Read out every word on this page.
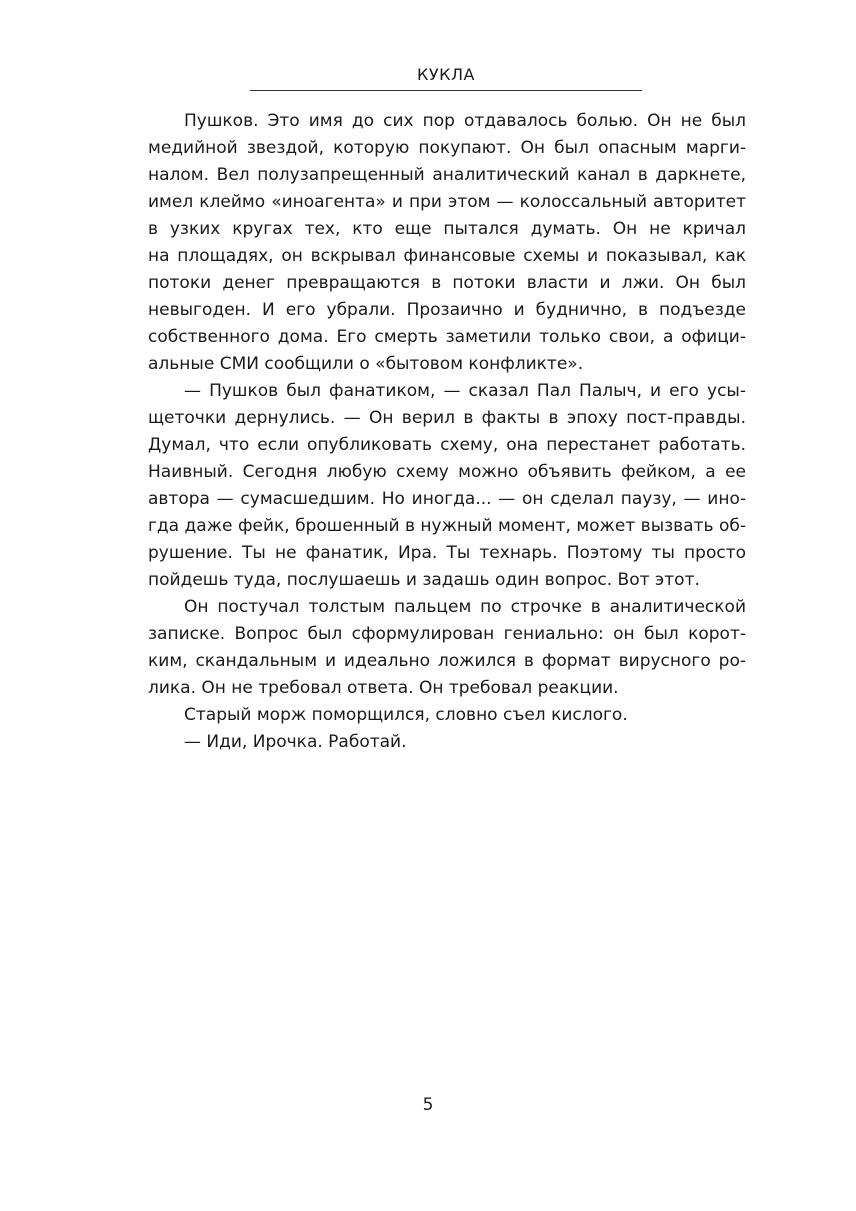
КУКЛА
Пушков. Это имя до сих пор отдавалось болью. Он не был
медийной звездой, которую покупают. Он был опасным марги-
налом. Вел полузапрещенный аналитический канал в даркнете,
имел клеймо «иноагента» и при этом — колоссальный авторитет
в узких кругах тех, кто еще пытался думать. Он не кричал
на площадях, он вскрывал финансовые схемы и показывал, как
потоки денег превращаются в потоки власти и лжи. Он был
невыгоден. И его убрали. Прозаично и буднично, в подъезде
собственного дома. Его смерть заметили только свои, а офици-
альные СМИ сообщили о «бытовом конфликте».
— Пушков был фанатиком, — сказал Пал Палыч, и его усы-
щеточки дернулись. — Он верил в факты в эпоху пост-правды.
Думал, что если опубликовать схему, она перестанет работать.
Наивный. Сегодня любую схему можно объявить фейком, а ее
автора — сумасшедшим. Но иногда... — он сделал паузу, — ино-
гда даже фейк, брошенный в нужный момент, может вызвать об-
рушение. Ты не фанатик, Ира. Ты технарь. Поэтому ты просто
пойдешь туда, послушаешь и задашь один вопрос. Вот этот.
Он постучал толстым пальцем по строчке в аналитической
записке. Вопрос был сформулирован гениально: он был корот-
ким, скандальным и идеально ложился в формат вирусного ро-
лика. Он не требовал ответа. Он требовал реакции.
Старый морж поморщился, словно съел кислого.
— Иди, Ирочка. Работай.
5
